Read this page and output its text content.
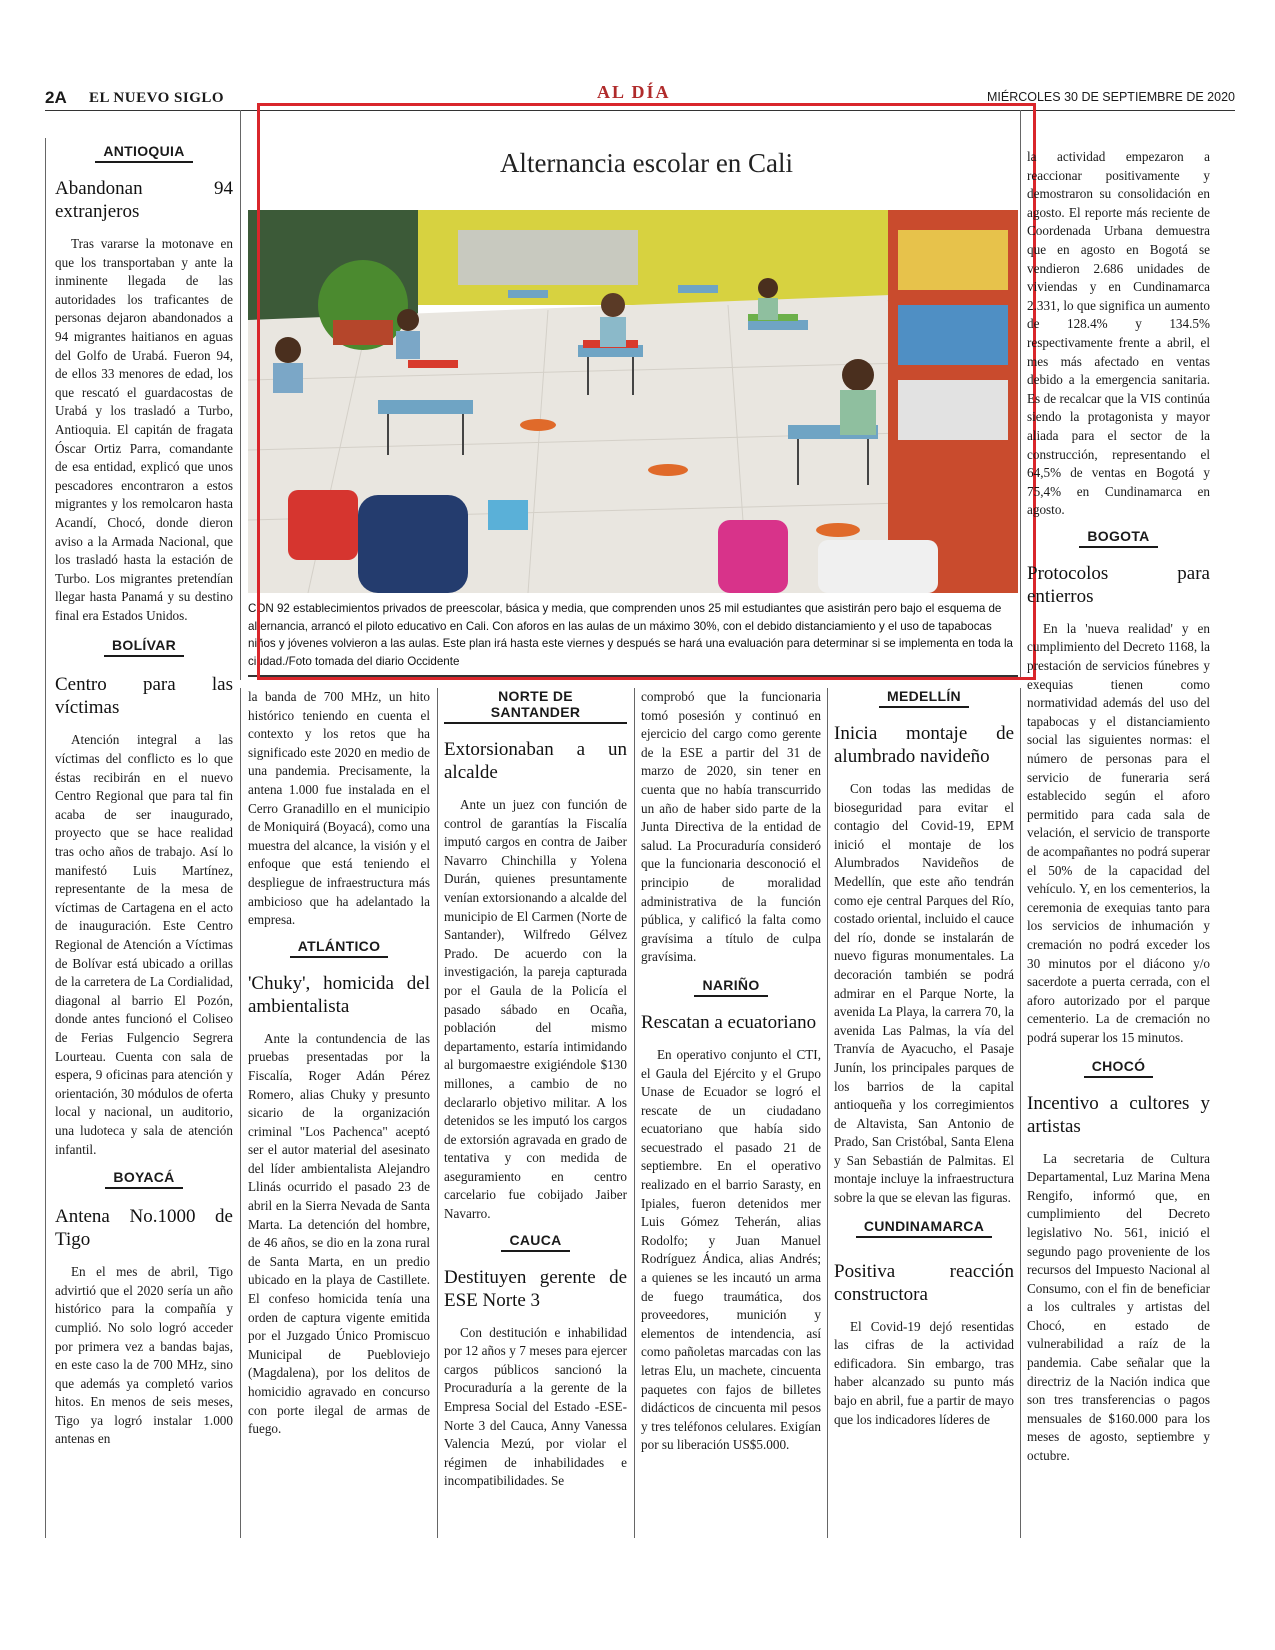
2A EL NUEVO SIGLO	AL DÍA	MIÉRCOLES 30 DE SEPTIEMBRE DE 2020
ANTIOQUIA
Abandonan 94 extranjeros

Tras vararse la motonave en que los transportaban y ante la inminente llegada de las autoridades los traficantes de personas dejaron abandonados a 94 migrantes haitianos en aguas del Golfo de Urabá. Fueron 94, de ellos 33 menores de edad, los que rescató el guardacostas de Urabá y los trasladó a Turbo, Antioquia. El capitán de fragata Óscar Ortiz Parra, comandante de esa entidad, explicó que unos pescadores encontraron a estos migrantes y los remolcaron hasta Acandí, Chocó, donde dieron aviso a la Armada Nacional, que los trasladó hasta la estación de Turbo. Los migrantes pretendían llegar hasta Panamá y su destino final era Estados Unidos.

BOLÍVAR
Centro para las víctimas

Atención integral a las víctimas del conflicto es lo que éstas recibirán en el nuevo Centro Regional que para tal fin acaba de ser inaugurado, proyecto que se hace realidad tras ocho años de trabajo. Así lo manifestó Luis Martínez, representante de la mesa de víctimas de Cartagena en el acto de inauguración. Este Centro Regional de Atención a Víctimas de Bolívar está ubicado a orillas de la carretera de La Cordialidad, diagonal al barrio El Pozón, donde antes funcionó el Coliseo de Ferias Fulgencio Segrera Lourteau. Cuenta con sala de espera, 9 oficinas para atención y orientación, 30 módulos de oferta local y nacional, un auditorio, una ludoteca y sala de atención infantil.

BOYACÁ
Antena No.1000 de Tigo

En el mes de abril, Tigo advirtió que el 2020 sería un año histórico para la compañía y cumplió. No solo logró acceder por primera vez a bandas bajas, en este caso la de 700 MHz, sino que además ya completó varios hitos. En menos de seis meses, Tigo ya logró instalar 1.000 antenas en

Alternancia escolar en Cali
CON 92 establecimientos privados de preescolar, básica y media, que comprenden unos 25 mil estudiantes que asistirán pero bajo el esquema de alternancia, arrancó el piloto educativo en Cali. Con aforos en las aulas de un máximo 30%, con el debido distanciamiento y el uso de tapabocas niños y jóvenes volvieron a las aulas. Este plan irá hasta este viernes y después se hará una evaluación para determinar si se implementa en toda la ciudad./Foto tomada del diario Occidente

la banda de 700 MHz, un hito histórico teniendo en cuenta el contexto y los retos que ha significado este 2020 en medio de una pandemia. Precisamente, la antena 1.000 fue instalada en el Cerro Granadillo en el municipio de Moniquirá (Boyacá), como una muestra del alcance, la visión y el enfoque que está teniendo el despliegue de infraestructura más ambicioso que ha adelantado la empresa.

ATLÁNTICO
'Chuky', homicida del ambientalista

Ante la contundencia de las pruebas presentadas por la Fiscalía, Roger Adán Pérez Romero, alias Chuky y presunto sicario de la organización criminal "Los Pachenca" aceptó ser el autor material del asesinato del líder ambientalista Alejandro Llinás ocurrido el pasado 23 de abril en la Sierra Nevada de Santa Marta. La detención del hombre, de 46 años, se dio en la zona rural de Santa Marta, en un predio ubicado en la playa de Castillete. El confeso homicida tenía una orden de captura vigente emitida por el Juzgado Único Promiscuo Municipal de Puebloviejo (Magdalena), por los delitos de homicidio agravado en concurso con porte ilegal de armas de fuego.

NORTE DE SANTANDER
Extorsionaban a un alcalde

Ante un juez con función de control de garantías la Fiscalía imputó cargos en contra de Jaiber Navarro Chinchilla y Yolena Durán, quienes presuntamente venían extorsionando a alcalde del municipio de El Carmen (Norte de Santander), Wilfredo Gélvez Prado. De acuerdo con la investigación, la pareja capturada por el Gaula de la Policía el pasado sábado en Ocaña, población del mismo departamento, estaría intimidando al burgomaestre exigiéndole $130 millones, a cambio de no declararlo objetivo militar. A los detenidos se les imputó los cargos de extorsión agravada en grado de tentativa y con medida de aseguramiento en centro carcelario fue cobijado Jaiber Navarro.

CAUCA
Destituyen gerente de ESE Norte 3

Con destitución e inhabilidad por 12 años y 7 meses para ejercer cargos públicos sancionó la Procuraduría a la gerente de la Empresa Social del Estado -ESE- Norte 3 del Cauca, Anny Vanessa Valencia Mezú, por violar el régimen de inhabilidades e incompatibilidades. Se

comprobó que la funcionaria tomó posesión y continuó en ejercicio del cargo como gerente de la ESE a partir del 31 de marzo de 2020, sin tener en cuenta que no había transcurrido un año de haber sido parte de la Junta Directiva de la entidad de salud. La Procuraduría consideró que la funcionaria desconoció el principio de moralidad administrativa de la función pública, y calificó la falta como gravísima a título de culpa gravísima.

NARIÑO
Rescatan a ecuatoriano

En operativo conjunto el CTI, el Gaula del Ejército y el Grupo Unase de Ecuador se logró el rescate de un ciudadano ecuatoriano que había sido secuestrado el pasado 21 de septiembre. En el operativo realizado en el barrio Sarasty, en Ipiales, fueron detenidos mer Luis Gómez Teherán, alias Rodolfo; y Juan Manuel Rodríguez Ándica, alias Andrés; a quienes se les incautó un arma de fuego traumática, dos proveedores, munición y elementos de intendencia, así como pañoletas marcadas con las letras Elu, un machete, cincuenta paquetes con fajos de billetes didácticos de cincuenta mil pesos y tres teléfonos celulares. Exigían por su liberación US$5.000.

MEDELLÍN
Inicia montaje de alumbrado navideño

Con todas las medidas de bioseguridad para evitar el contagio del Covid-19, EPM inició el montaje de los Alumbrados Navideños de Medellín, que este año tendrán como eje central Parques del Río, costado oriental, incluido el cauce del río, donde se instalarán de nuevo figuras monumentales. La decoración también se podrá admirar en el Parque Norte, la avenida La Playa, la carrera 70, la avenida Las Palmas, la vía del Tranvía de Ayacucho, el Pasaje Junín, los principales parques de los barrios de la capital antioqueña y los corregimientos de Altavista, San Antonio de Prado, San Cristóbal, Santa Elena y San Sebastián de Palmitas. El montaje incluye la infraestructura sobre la que se elevan las figuras.

CUNDINAMARCA
Positiva reacción constructora

El Covid-19 dejó resentidas las cifras de la actividad edificadora. Sin embargo, tras haber alcanzado su punto más bajo en abril, fue a partir de mayo que los indicadores líderes de

la actividad empezaron a reaccionar positivamente y demostraron su consolidación en agosto. El reporte más reciente de Coordenada Urbana demuestra que en agosto en Bogotá se vendieron 2.686 unidades de viviendas y en Cundinamarca 2.331, lo que significa un aumento de 128.4% y 134.5% respectivamente frente a abril, el mes más afectado en ventas debido a la emergencia sanitaria. Es de recalcar que la VIS continúa siendo la protagonista y mayor aliada para el sector de la construcción, representando el 64,5% de ventas en Bogotá y 75,4% en Cundinamarca en agosto.

BOGOTA
Protocolos para entierros

En la 'nueva realidad' y en cumplimiento del Decreto 1168, la prestación de servicios fúnebres y exequias tienen como normatividad además del uso del tapabocas y el distanciamiento social las siguientes normas: el número de personas para el servicio de funeraria será establecido según el aforo permitido para cada sala de velación, el servicio de transporte de acompañantes no podrá superar el 50% de la capacidad del vehículo. Y, en los cementerios, la ceremonia de exequias tanto para los servicios de inhumación y cremación no podrá exceder los 30 minutos por el diácono y/o sacerdote a puerta cerrada, con el aforo autorizado por el parque cementerio. La de cremación no podrá superar los 15 minutos.

CHOCÓ
Incentivo a cultores y artistas

La secretaria de Cultura Departamental, Luz Marina Mena Rengifo, informó que, en cumplimiento del Decreto legislativo No. 561, inició el segundo pago proveniente de los recursos del Impuesto Nacional al Consumo, con el fin de beneficiar a los cultrales y artistas del Chocó, en estado de vulnerabilidad a raíz de la pandemia. Cabe señalar que la directriz de la Nación indica que son tres transferencias o pagos mensuales de $160.000 para los meses de agosto, septiembre y octubre.
